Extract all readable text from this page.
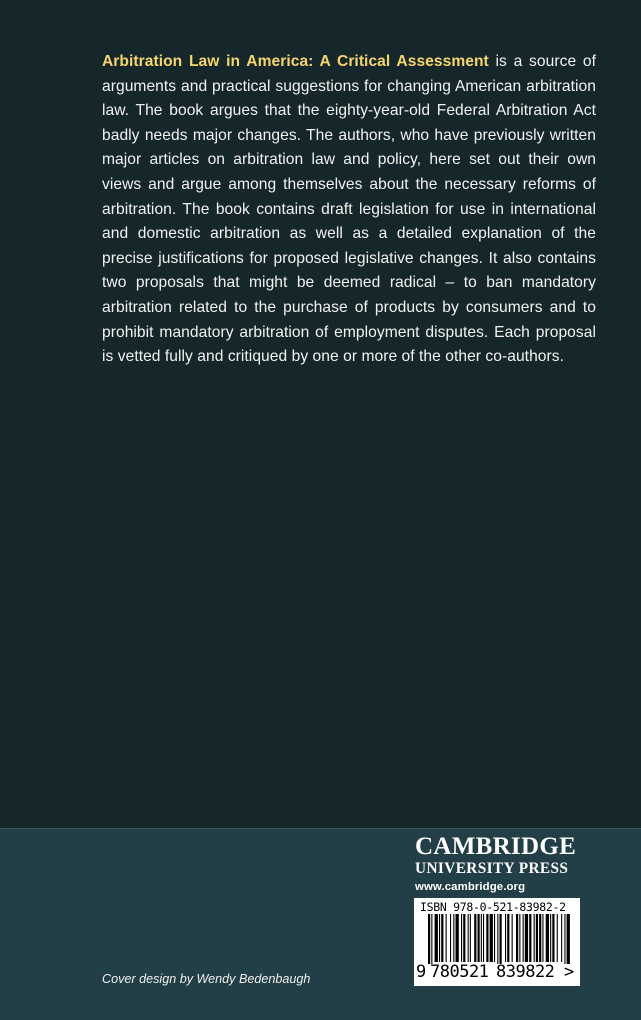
Arbitration Law in America: A Critical Assessment is a source of arguments and practical suggestions for changing American arbitration law. The book argues that the eighty-year-old Federal Arbitration Act badly needs major changes. The authors, who have previously written major articles on arbitration law and policy, here set out their own views and argue among themselves about the necessary reforms of arbitration. The book contains draft legislation for use in international and domestic arbitration as well as a detailed explanation of the precise justifications for proposed legislative changes. It also contains two proposals that might be deemed radical – to ban mandatory arbitration related to the purchase of products by consumers and to prohibit mandatory arbitration of employment disputes. Each proposal is vetted fully and critiqued by one or more of the other co-authors.

Cover design by Wendy Bedenbaugh
CAMBRIDGE
UNIVERSITY PRESS
www.cambridge.org
ISBN 978-0-521-83982-2
9 780521 839822 >
